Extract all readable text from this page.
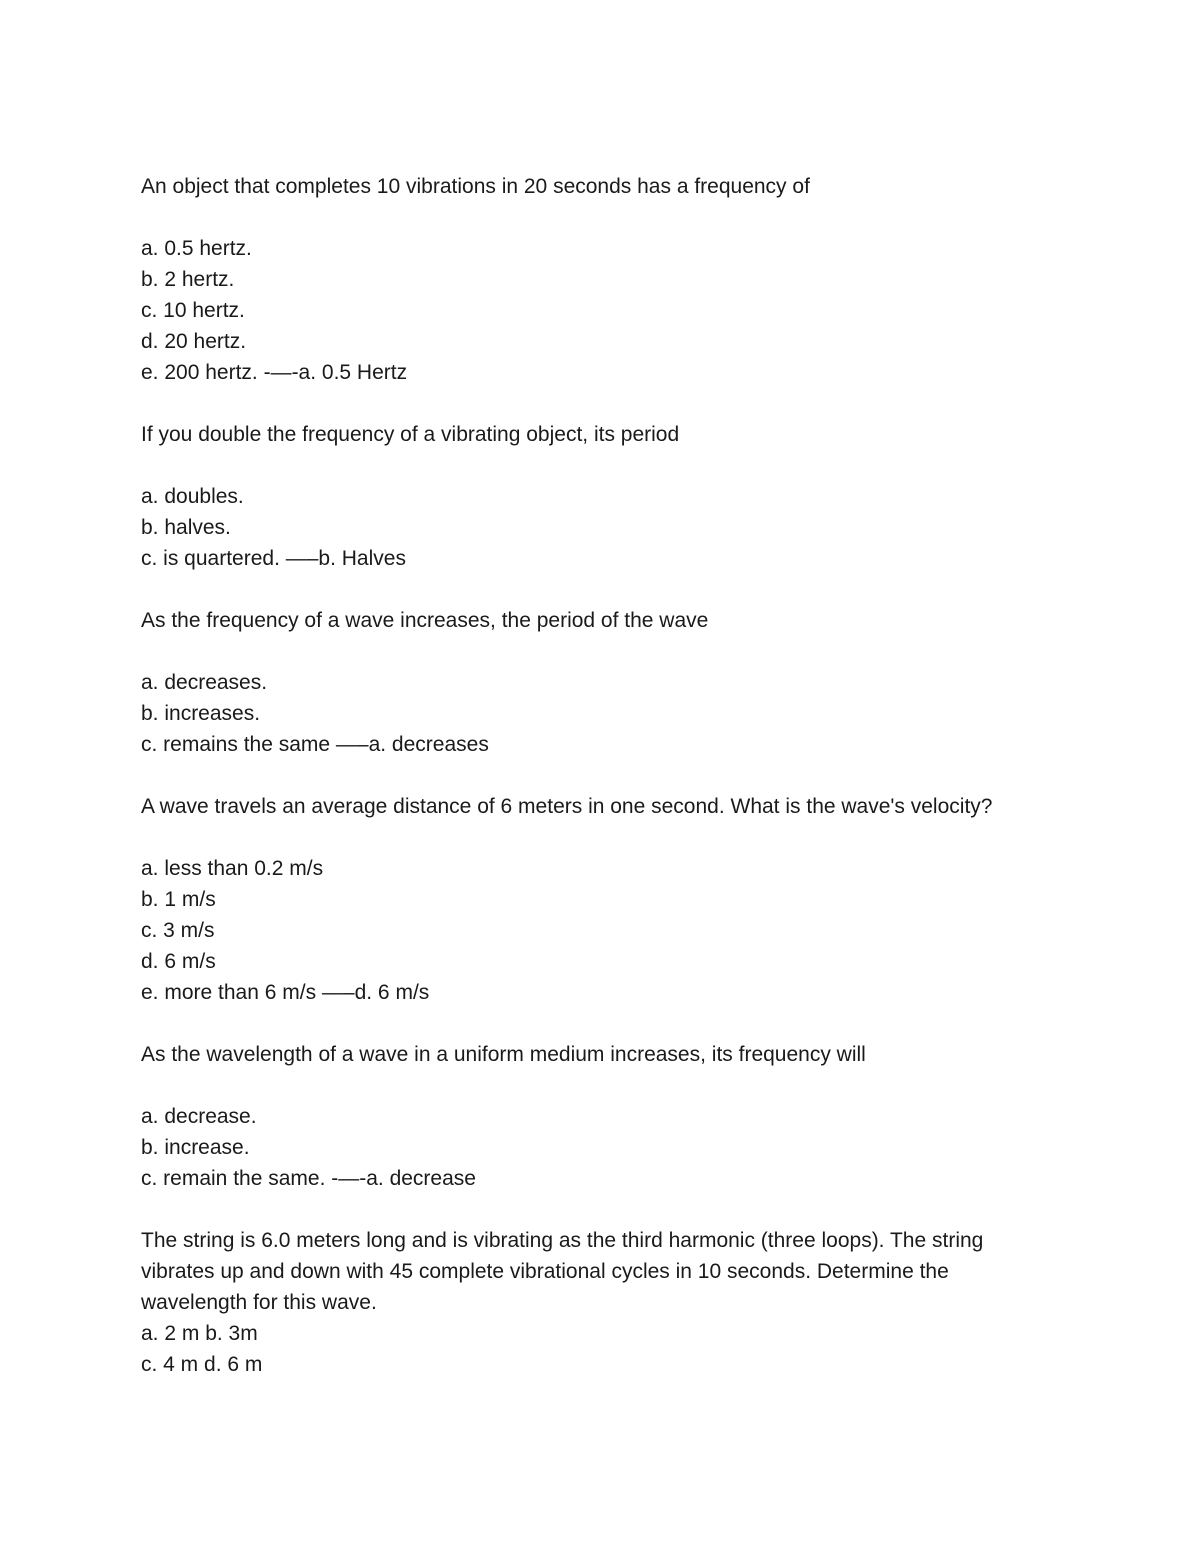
An object that completes 10 vibrations in 20 seconds has a frequency of

a. 0.5 hertz.

b. 2 hertz.

c. 10 hertz.

d. 20 hertz.

e. 200 hertz. -—-a. 0.5 Hertz

If you double the frequency of a vibrating object, its period

a. doubles.

b. halves.

c. is quartered. —–b. Halves

As the frequency of a wave increases, the period of the wave

a. decreases.

b. increases.

c. remains the same —–a. decreases

A wave travels an average distance of 6 meters in one second. What is the wave's velocity?

a. less than 0.2 m/s

b. 1 m/s

c. 3 m/s

d. 6 m/s

e. more than 6 m/s —–d. 6 m/s

As the wavelength of a wave in a uniform medium increases, its frequency will

a. decrease.

b. increase.

c. remain the same. -—-a. decrease

The string is 6.0 meters long and is vibrating as the third harmonic (three loops). The string vibrates up and down with 45 complete vibrational cycles in 10 seconds. Determine the wavelength for this wave.

a. 2 m b. 3m

c. 4 m d. 6 m
